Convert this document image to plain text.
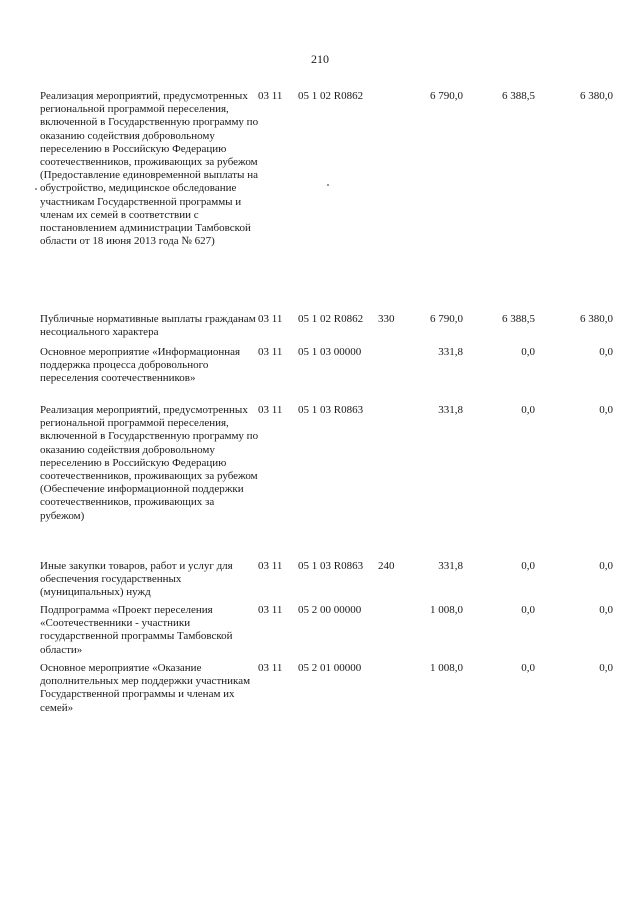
210
Реализация мероприятий, предусмотренных региональной программой переселения, включенной в Государственную программу по оказанию содействия добровольному переселению в Российскую Федерацию соотечественников, проживающих за рубежом (Предоставление единовременной выплаты на обустройство, медицинское обследование участникам Государственной программы и членам их семей в соответствии с постановлением администрации Тамбовской области от 18 июня 2013 года № 627)
03 11 05 1 02 R0862	6 790,0	6 388,5	6 380,0
Публичные нормативные выплаты гражданам несоциального характера
03 11 05 1 02 R0862 330	6 790,0	6 388,5	6 380,0
Основное мероприятие «Информационная поддержка процесса добровольного переселения соотечественников»
03 11 05 1 03 00000	331,8	0,0	0,0
Реализация мероприятий, предусмотренных региональной программой переселения, включенной в Государственную программу по оказанию содействия добровольному переселению в Российскую Федерацию соотечественников, проживающих за рубежом (Обеспечение информационной поддержки соотечественников, проживающих за рубежом)
03 11 05 1 03 R0863	331,8	0,0	0,0
Иные закупки товаров, работ и услуг для обеспечения государственных (муниципальных) нужд
03 11 05 1 03 R0863 240	331,8	0,0	0,0
Подпрограмма «Проект переселения «Соотечественники - участники государственной программы Тамбовской области»
03 11 05 2 00 00000	1 008,0	0,0	0,0
Основное мероприятие «Оказание дополнительных мер поддержки участникам Государственной программы и членам их семей»
03 11 05 2 01 00000	1 008,0	0,0	0,0
